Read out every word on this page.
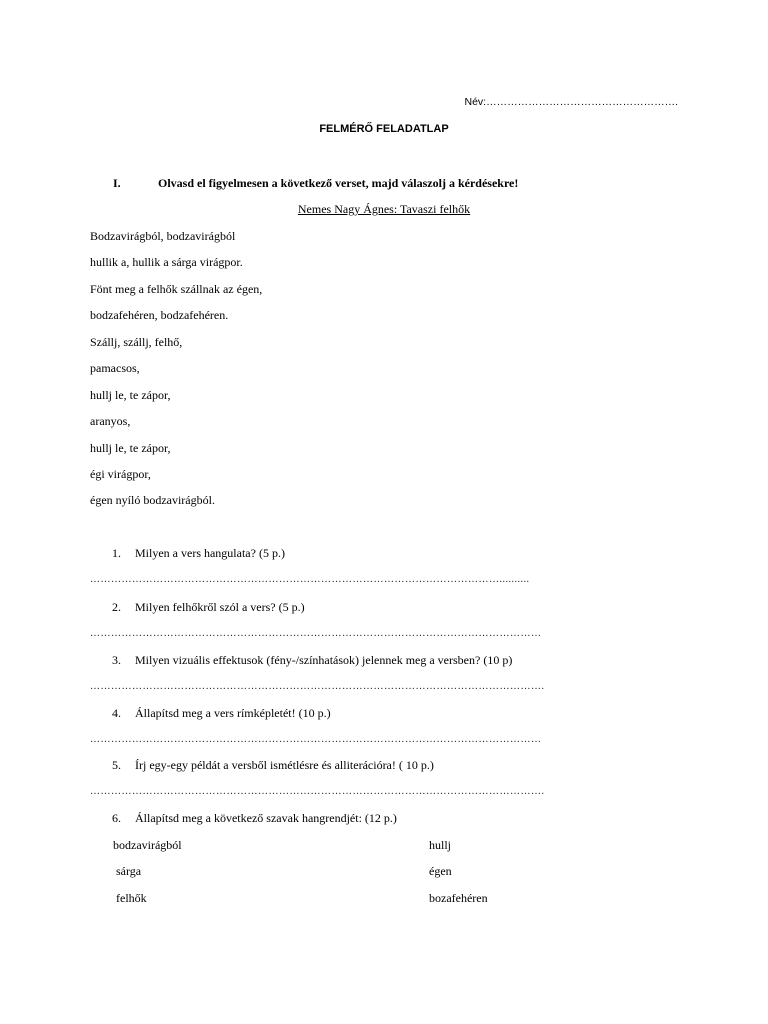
Név:……………………………………………….
FELMÉRŐ FELADATLAP
I.	Olvasd el figyelmesen a következő verset, majd válaszolj a kérdésekre!
Nemes Nagy Ágnes: Tavaszi felhők
Bodzavirágból, bodzavirágból
hullik a, hullik a sárga virágpor.
Fönt meg a felhők szállnak az égen,
bodzafehéren, bodzafehéren.
Szállj, szállj, felhő,
pamacsos,
hullj le, te zápor,
aranyos,
hullj le, te zápor,
égi virágpor,
égen nyíló bodzavirágból.
1. Milyen a vers hangulata? (5 p.)
………………………………………………………………………………………………………..........
2. Milyen felhőkről szól a vers? (5 p.)
…………………………………………………………………………………………………………………
3. Milyen vizuális effektusok (fény-/színhatások) jelennek meg a versben? (10 p)
………………………………………………………………………………………………………………….
4. Állapítsd meg a vers rímképletét! (10 p.)
…………………………………………………………………………………………………………………
5. Írj egy-egy példát a versből ismétlésre és alliterációra! ( 10 p.)
………………………………………………………………………………………………………………….
6. Állapítsd meg a következő szavak hangrendjét: (12 p.)
bodzavirágból
sárga
felhők
hullj
égen
bozafehéren
